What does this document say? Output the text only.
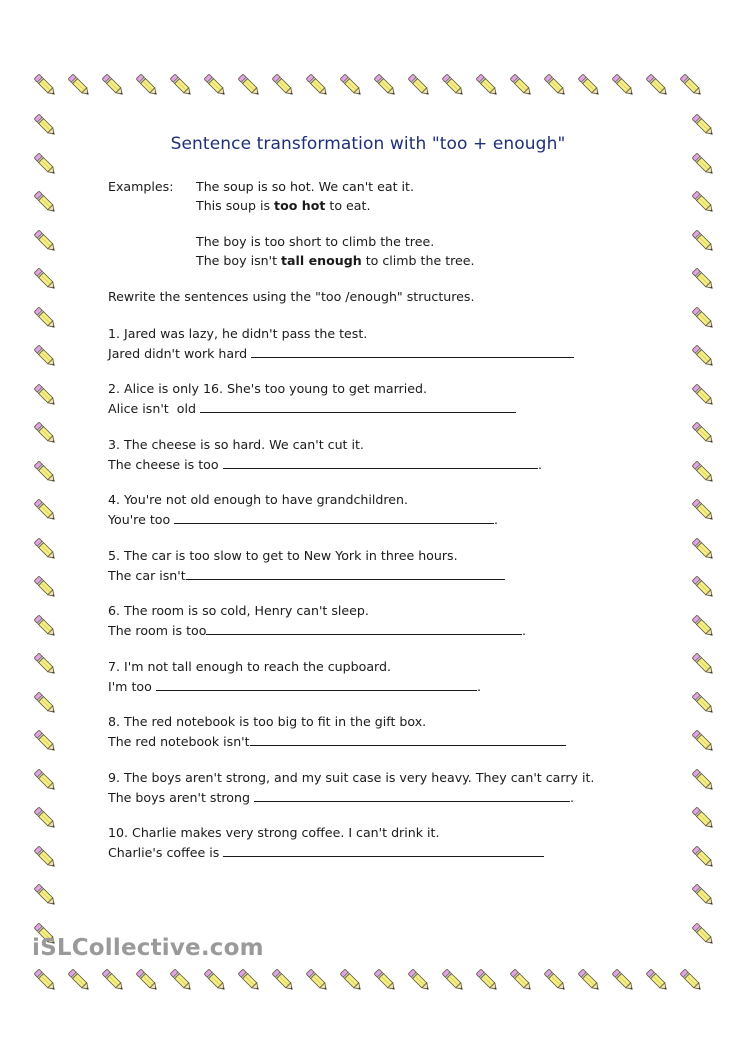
Sentence transformation with "too + enough"
Examples: The soup is so hot. We can't eat it.
This soup is too hot to eat.
The boy is too short to climb the tree.
The boy isn't tall enough to climb the tree.
Rewrite the sentences using the "too /enough" structures.
1. Jared was lazy, he didn't pass the test.
Jared didn't work hard
2. Alice is only 16. She's too young to get married.
Alice isn't  old
3. The cheese is so hard. We can't cut it.
The cheese is too	.
4. You're not old enough to have grandchildren.
You're too	.
5. The car is too slow to get to New York in three hours.
The car isn't
6. The room is so cold, Henry can't sleep.
The room is too	.
7. I'm not tall enough to reach the cupboard.
I'm too	.
8. The red notebook is too big to fit in the gift box.
The red notebook isn't
9. The boys aren't strong, and my suit case is very heavy. They can't carry it.
The boys aren't strong	.
10. Charlie makes very strong coffee. I can't drink it.
Charlie's coffee is
iSLCollective.com
